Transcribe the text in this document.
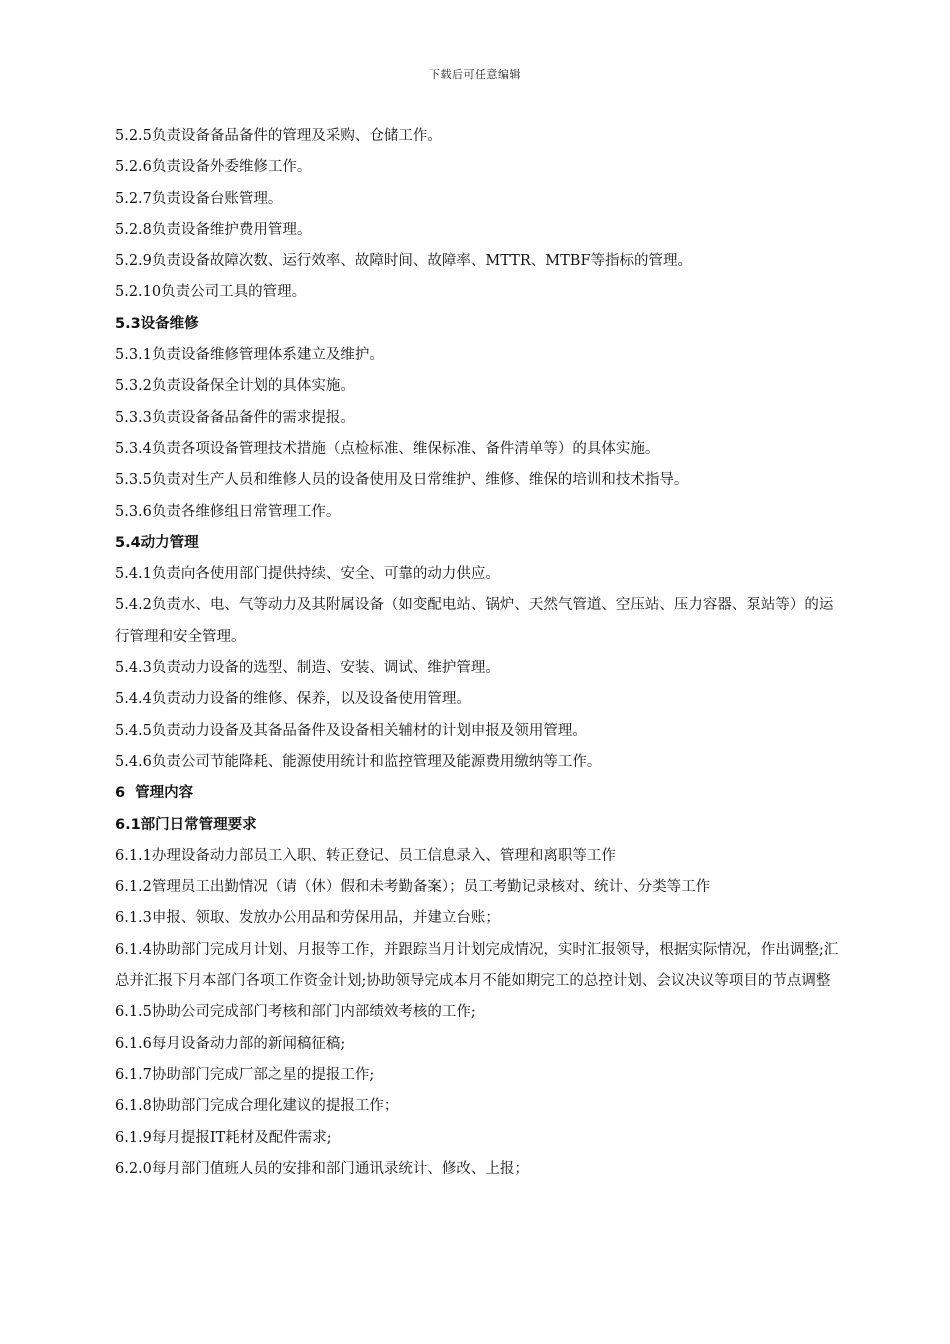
下载后可任意编辑
5.2.5负责设备备品备件的管理及采购、仓储工作。
5.2.6负责设备外委维修工作。
5.2.7负责设备台账管理。
5.2.8负责设备维护费用管理。
5.2.9负责设备故障次数、运行效率、故障时间、故障率、MTTR、MTBF等指标的管理。
5.2.10负责公司工具的管理。
5.3设备维修
5.3.1负责设备维修管理体系建立及维护。
5.3.2负责设备保全计划的具体实施。
5.3.3负责设备备品备件的需求提报。
5.3.4负责各项设备管理技术措施（点检标准、维保标准、备件清单等）的具体实施。
5.3.5负责对生产人员和维修人员的设备使用及日常维护、维修、维保的培训和技术指导。
5.3.6负责各维修组日常管理工作。
5.4动力管理
5.4.1负责向各使用部门提供持续、安全、可靠的动力供应。
5.4.2负责水、电、气等动力及其附属设备（如变配电站、锅炉、天然气管道、空压站、压力容器、泵站等）的运行管理和安全管理。
5.4.3负责动力设备的选型、制造、安装、调试、维护管理。
5.4.4负责动力设备的维修、保养，以及设备使用管理。
5.4.5负责动力设备及其备品备件及设备相关辅材的计划申报及领用管理。
5.4.6负责公司节能降耗、能源使用统计和监控管理及能源费用缴纳等工作。
6  管理内容
6.1部门日常管理要求
6.1.1办理设备动力部员工入职、转正登记、员工信息录入、管理和离职等工作
6.1.2管理员工出勤情况（请（休）假和未考勤备案）；员工考勤记录核对、统计、分类等工作
6.1.3申报、领取、发放办公用品和劳保用品，并建立台账；
6.1.4协助部门完成月计划、月报等工作，并跟踪当月计划完成情况，实时汇报领导，根据实际情况，作出调整;汇总并汇报下月本部门各项工作资金计划;协助领导完成本月不能如期完工的总控计划、会议决议等项目的节点调整
6.1.5协助公司完成部门考核和部门内部绩效考核的工作;
6.1.6每月设备动力部的新闻稿征稿;
6.1.7协助部门完成厂部之星的提报工作;
6.1.8协助部门完成合理化建议的提报工作；
6.1.9每月提报IT耗材及配件需求;
6.2.0每月部门值班人员的安排和部门通讯录统计、修改、上报；
